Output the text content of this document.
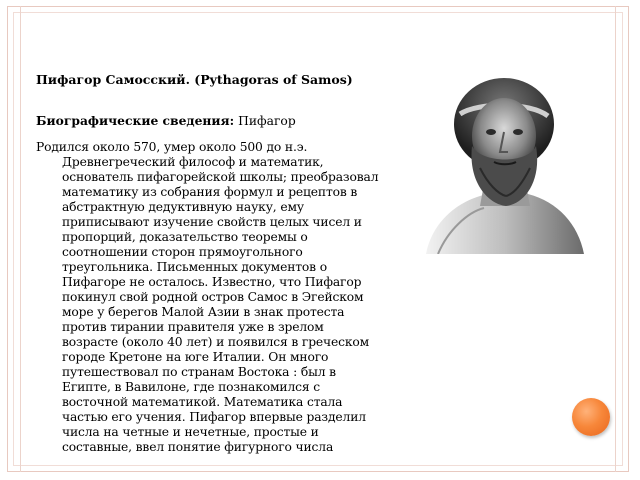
Пифагор Самосский. (Pythagoras of Samos)

Биографические сведения: Пифагор
Родился около 570, умер около 500 до н.э. Древнегреческий философ и математик, основатель пифагорейской школы; преобразовал математику из собрания формул и рецептов в абстрактную дедуктивную науку, ему приписывают изучение свойств целых чисел и пропорций, доказательство теоремы о соотношении сторон прямоугольного треугольника. Письменных документов о Пифагоре не осталось. Известно, что Пифагор покинул свой родной остров Самос в Эгейском море у берегов Малой Азии в знак протеста против тирании правителя уже в зрелом возрасте (около 40 лет) и появился в греческом городе Кретоне на юге Италии. Он много путешествовал по странам Востока : был в Египте, в Вавилоне, где познакомился с восточной математикой. Математика стала частью его учения. Пифагор впервые разделил числа на четные и нечетные, простые и составные, ввел понятие фигурного числа
